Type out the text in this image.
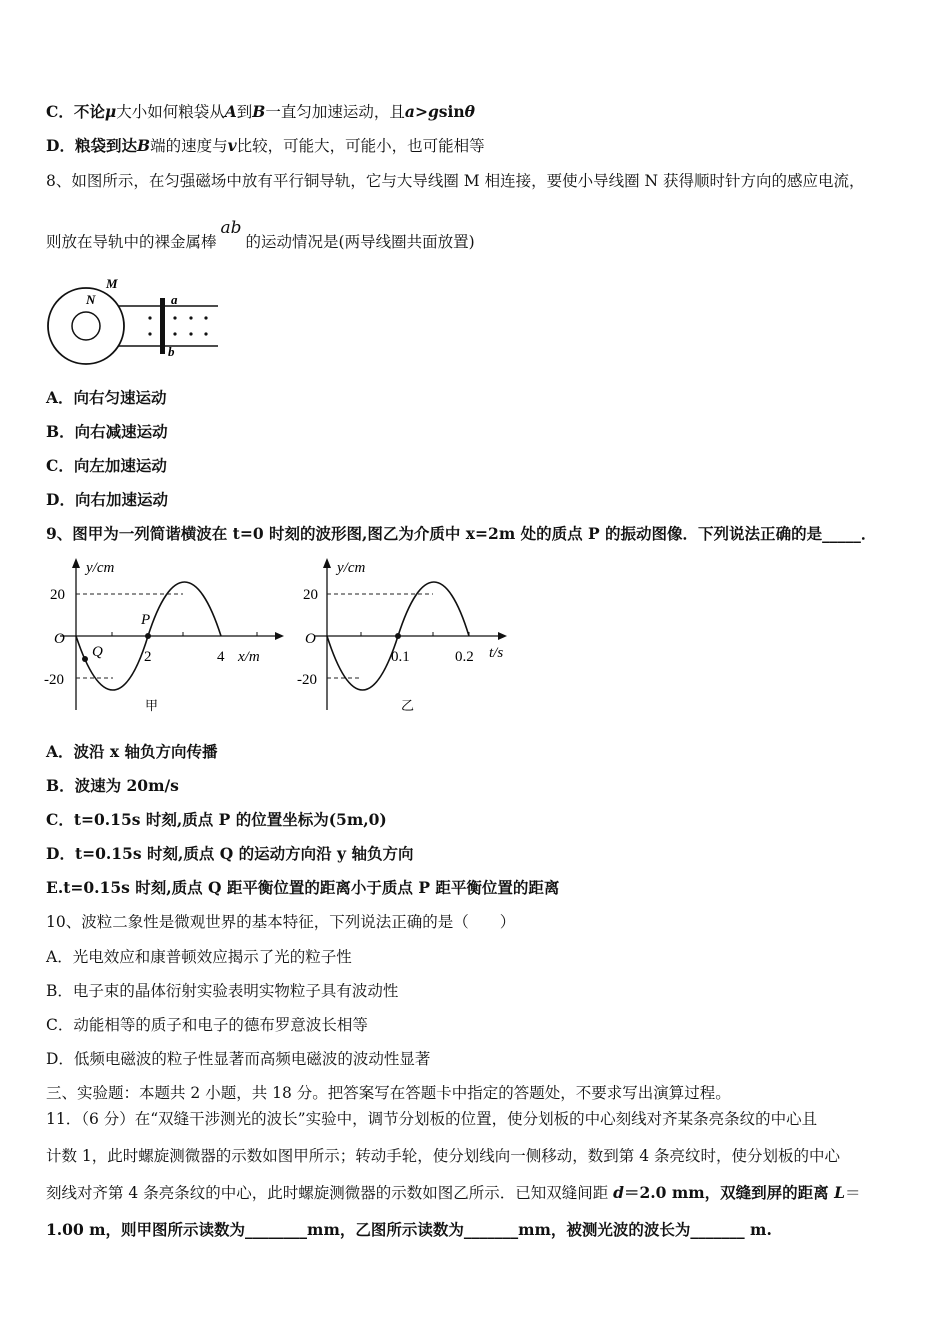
C．不论μ大小如何粮袋从A到B一直匀加速运动，且a>gsinθ
D．粮袋到达B端的速度与v比较，可能大，可能小，也可能相等
8、如图所示，在匀强磁场中放有平行铜导轨，它与大导线圈 M 相连接，要使小导线圈 N 获得顺时针方向的感应电流，
则放在导轨中的裸金属棒ab的运动情况是(两导线圈共面放置)
M
N	a
b
A．向右匀速运动
B．向右减速运动
C．向左加速运动
D．向右加速运动
9、图甲为一列简谐横波在 t=0 时刻的波形图,图乙为介质中 x=2m 处的质点 P 的振动图像．下列说法正确的是_____．
y/cm
20
-20
O
2	4 x/m
P
Q
甲
y/cm
20
-20
O
0.1	0.2 t/s
乙
A．波沿 x 轴负方向传播
B．波速为 20m/s
C．t=0.15s 时刻,质点 P 的位置坐标为(5m,0)
D．t=0.15s 时刻,质点 Q 的运动方向沿 y 轴负方向
E.t=0.15s 时刻,质点 Q 距平衡位置的距离小于质点 P 距平衡位置的距离
10、波粒二象性是微观世界的基本特征，下列说法正确的是（　　）
A．光电效应和康普顿效应揭示了光的粒子性
B．电子束的晶体衍射实验表明实物粒子具有波动性
C．动能相等的质子和电子的德布罗意波长相等
D．低频电磁波的粒子性显著而高频电磁波的波动性显著
三、实验题：本题共 2 小题，共 18 分。把答案写在答题卡中指定的答题处，不要求写出演算过程。
11．（6 分）在“双缝干涉测光的波长”实验中，调节分划板的位置，使分划板的中心刻线对齐某条亮条纹的中心且
计数 1，此时螺旋测微器的示数如图甲所示；转动手轮，使分划线向一侧移动，数到第 4 条亮纹时，使分划板的中心
刻线对齐第 4 条亮条纹的中心，此时螺旋测微器的示数如图乙所示．已知双缝间距 d＝2.0 mm，双缝到屏的距离 L＝
1.00 m，则甲图所示读数为________mm，乙图所示读数为_______mm，被测光波的波长为_______ m.
